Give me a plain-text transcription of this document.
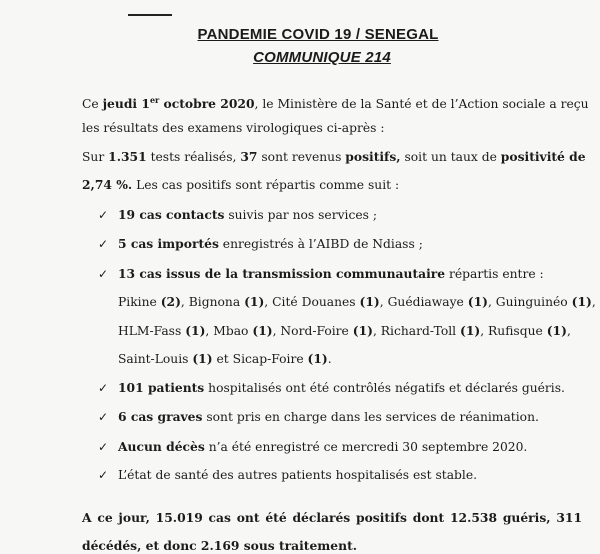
PANDEMIE COVID 19 / SENEGAL
COMMUNIQUE 214
Ce jeudi 1er octobre 2020, le Ministère de la Santé et de l’Action sociale a reçu
les résultats des examens virologiques ci-après :
Sur 1.351 tests réalisés, 37 sont revenus positifs, soit un taux de positivité de
2,74 %. Les cas positifs sont répartis comme suit :
✓ 19 cas contacts suivis par nos services ;
✓ 5 cas importés enregistrés à l’AIBD de Ndiass ;
✓ 13 cas issus de la transmission communautaire répartis entre :
Pikine (2), Bignona (1), Cité Douanes (1), Guédiawaye (1), Guinguinéo (1),
HLM-Fass (1), Mbao (1), Nord-Foire (1), Richard-Toll (1), Rufisque (1),
Saint-Louis (1) et Sicap-Foire (1).
✓ 101 patients hospitalisés ont été contrôlés négatifs et déclarés guéris.
✓ 6 cas graves sont pris en charge dans les services de réanimation.
✓ Aucun décès n’a été enregistré ce mercredi 30 septembre 2020.
✓ L’état de santé des autres patients hospitalisés est stable.
A ce jour, 15.019 cas ont été déclarés positifs dont 12.538 guéris, 311
décédés, et donc 2.169 sous traitement.
